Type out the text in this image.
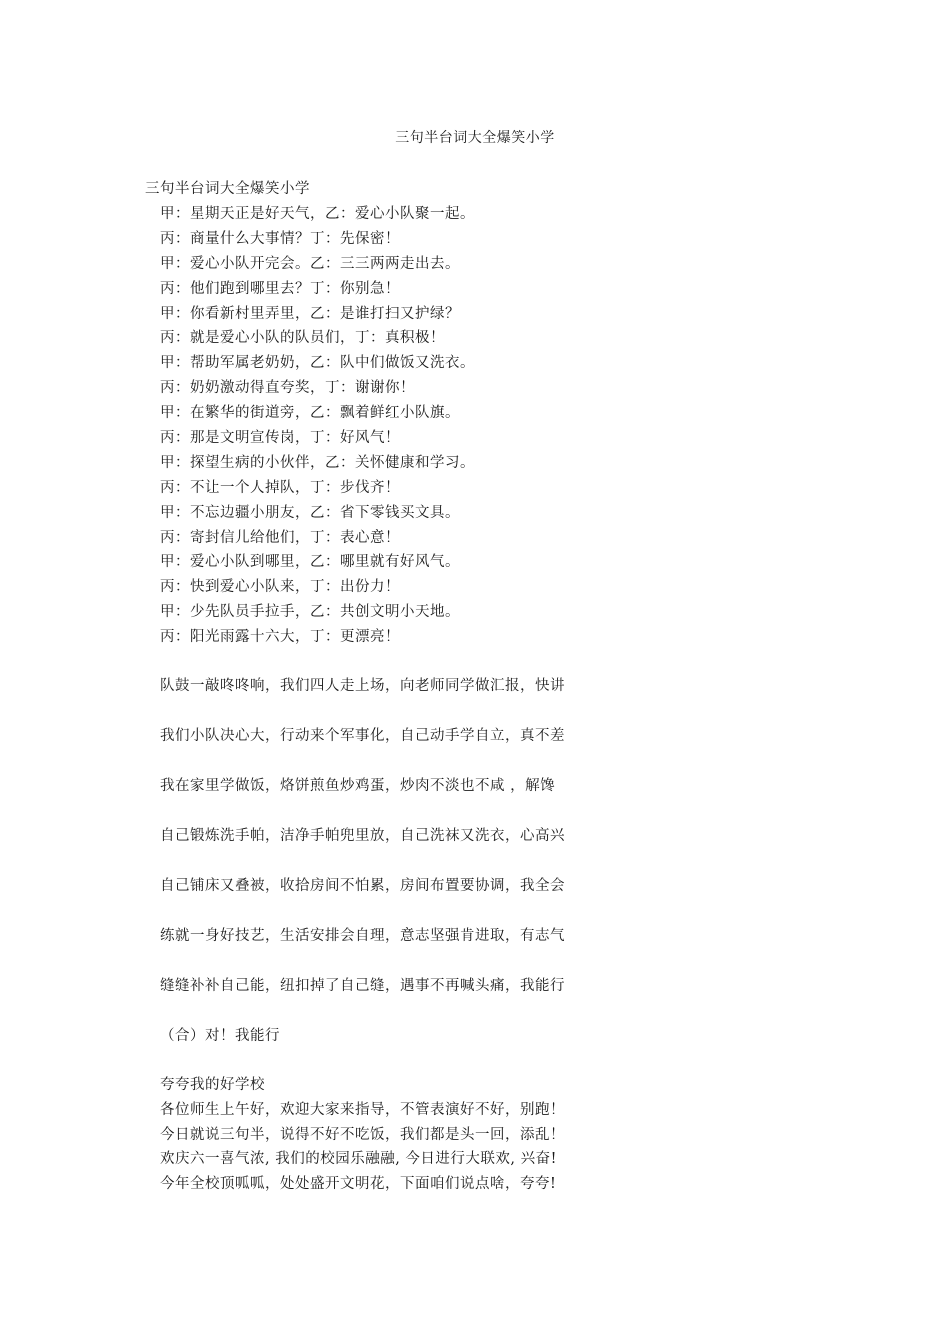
三句半台词大全爆笑小学
三句半台词大全爆笑小学
甲：星期天正是好天气，乙：爱心小队聚一起。
丙：商量什么大事情？丁：先保密！
甲：爱心小队开完会。乙：三三两两走出去。
丙：他们跑到哪里去？丁：你别急！
甲：你看新村里弄里，乙：是谁打扫又护绿？
丙：就是爱心小队的队员们，丁：真积极！
甲：帮助军属老奶奶，乙：队中们做饭又洗衣。
丙：奶奶激动得直夸奖，丁：谢谢你！
甲：在繁华的街道旁，乙：飘着鲜红小队旗。
丙：那是文明宣传岗，丁：好风气！
甲：探望生病的小伙伴，乙：关怀健康和学习。
丙：不让一个人掉队，丁：步伐齐！
甲：不忘边疆小朋友，乙：省下零钱买文具。
丙：寄封信儿给他们，丁：表心意！
甲：爱心小队到哪里，乙：哪里就有好风气。
丙：快到爱心小队来，丁：出份力！
甲：少先队员手拉手，乙：共创文明小天地。
丙：阳光雨露十六大，丁：更漂亮！
队鼓一敲咚咚响，我们四人走上场，向老师同学做汇报，快讲
我们小队决心大，行动来个军事化，自己动手学自立，真不差
我在家里学做饭，烙饼煎鱼炒鸡蛋，炒肉不淡也不咸 ，解馋
自己锻炼洗手帕，洁净手帕兜里放，自己洗袜又洗衣，心高兴
自己铺床又叠被，收拾房间不怕累，房间布置要协调，我全会
练就一身好技艺，生活安排会自理，意志坚强肯进取，有志气
缝缝补补自己能，纽扣掉了自己缝，遇事不再喊头痛，我能行
（合）对！我能行
夸夸我的好学校
各位师生上午好，欢迎大家来指导，不管表演好不好，别跑！
今日就说三句半，说得不好不吃饭，我们都是头一回，添乱！
欢庆六一喜气浓, 我们的校园乐融融, 今日进行大联欢, 兴奋!
今年全校顶呱呱，处处盛开文明花，下面咱们说点啥，夸夸!
